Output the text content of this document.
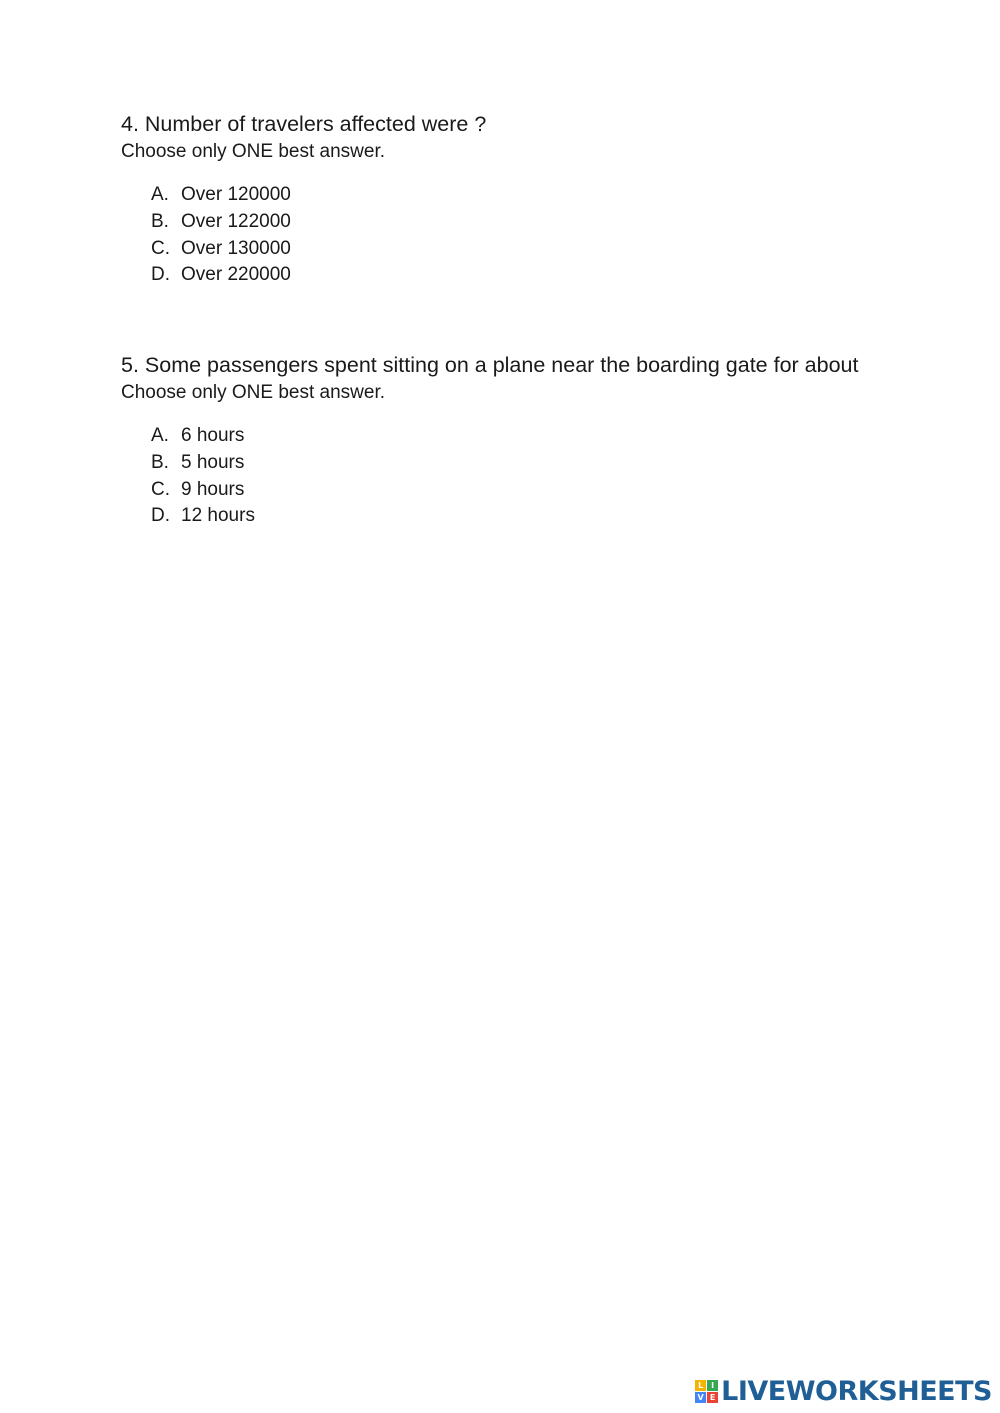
4. Number of travelers affected were ?

Choose only ONE best answer.

A. Over 120000
B. Over 122000
C. Over 130000
D. Over 220000

5. Some passengers spent sitting on a plane near the boarding gate for about

Choose only ONE best answer.

A. 6 hours
B. 5 hours
C. 9 hours
D. 12 hours
L I
V E LIVEWORKSHEETS
